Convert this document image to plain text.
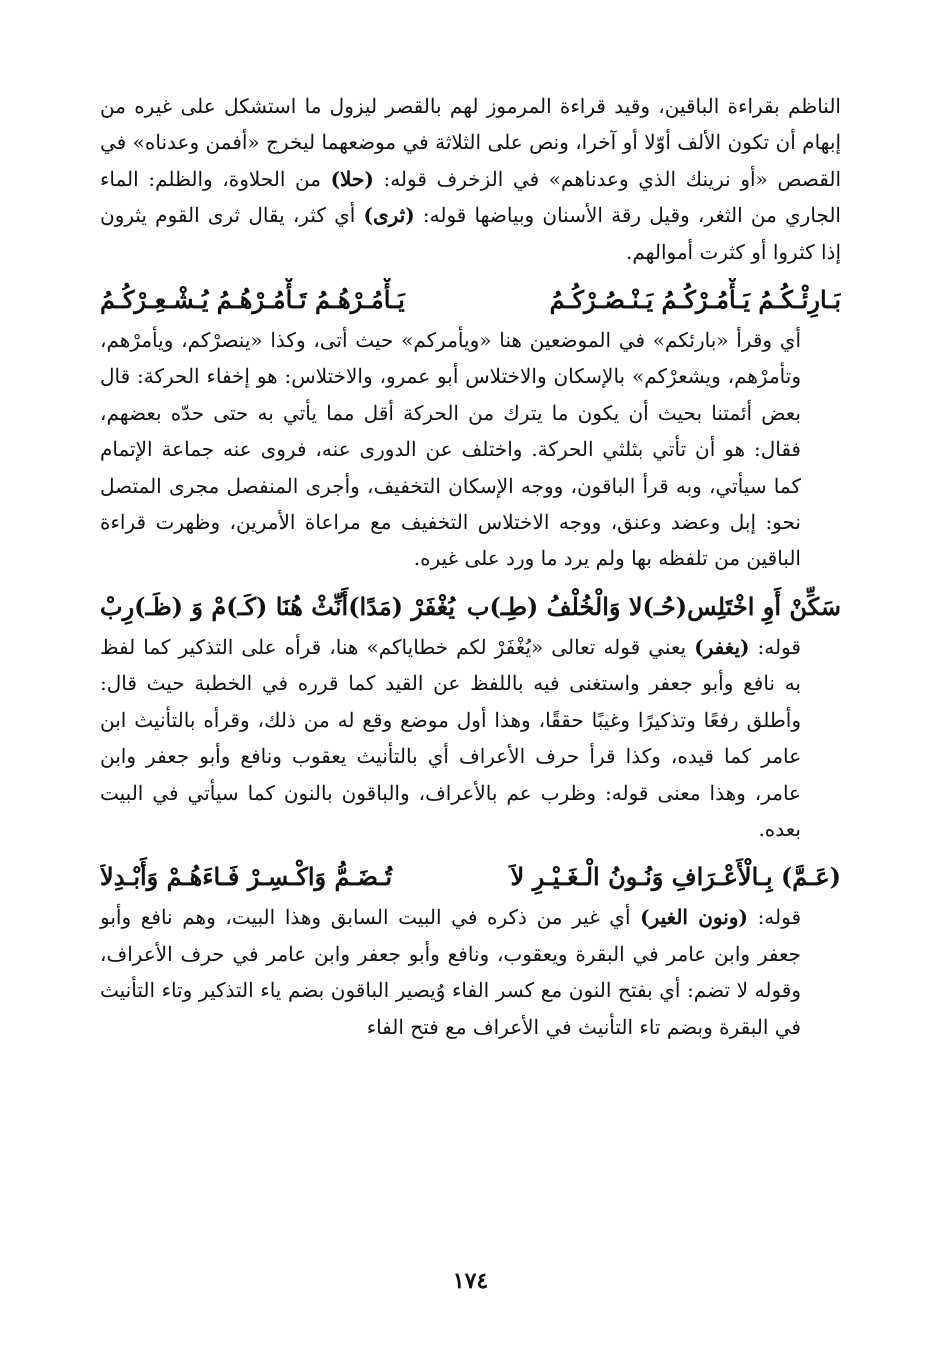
الناظم بقراءة الباقين، وقيد قراءة المرموز لهم بالقصر ليزول ما استشكل على غيره من إبهام أن تكون الألف أوّلا أو آخرا، ونص على الثلاثة في موضعهما ليخرج «أفمن وعدناه» في القصص «أو نرينك الذي وعدناهم» في الزخرف قوله: (حلا) من الحلاوة، والظلم: الماء الجاري من الثغر، وقيل رقة الأسنان وبياضها قوله: (ثرى) أي كثر، يقال ثرى القوم يثرون إذا كثروا أو كثرت أموالهم.

بَـارِئْـكُـمُ يَـأْمُـرْكُـمُ يَـنْـصُـرْكُـمُ
يَـأْمُـرْهُـمُ تَـأْمُـرْهُـمُ يُـشْـعِـرْكُـمُ

أي وقرأ «بارئكم» في الموضعين هنا «ويأمركم» حيث أتى، وكذا «ينصرْكم، ويأمرْهم، وتأمرْهم، ويشعرْكم» بالإسكان والاختلاس أبو عمرو، والاختلاس: هو إخفاء الحركة: قال بعض أئمتنا بحيث أن يكون ما يترك من الحركة أقل مما يأتي به حتى حدّه بعضهم، فقال: هو أن تأتي بثلثي الحركة. واختلف عن الدورى عنه، فروى عنه جماعة الإتمام كما سيأتي، وبه قرأ الباقون، ووجه الإسكان التخفيف، وأجرى المنفصل مجرى المتصل نحو: إبل وعضد وعنق، ووجه الاختلاس التخفيف مع مراعاة الأمرين، وظهرت قراءة الباقين من تلفظه بها ولم يرد ما ورد على غيره.

سَكِّنْ أَوِ اخْتَلِس(حُـ)لا وَالْخُلْفُ (طِـ)ب
يُغْفَرْ (مَدًا)أَنِّثْ هُنَا (كَـ)مْ وَ (ظَـ)رِبْ

قوله: (يغفر) يعني قوله تعالى «يُغْفَرْ لكم خطاياكم» هنا، قرأه على التذكير كما لفظ به نافع وأبو جعفر واستغنى فيه باللفظ عن القيد كما قرره في الخطبة حيث قال: وأطلق رفعًا وتذكيرًا وغيبًا حققًا، وهذا أول موضع وقع له من ذلك، وقرأه بالتأنيث ابن عامر كما قيده، وكذا قرأ حرف الأعراف أي بالتأنيث يعقوب ونافع وأبو جعفر وابن عامر، وهذا معنى قوله: وظرب عم بالأعراف، والباقون بالنون كما سيأتي في البيت بعده.

(عَـمَّ) بِـالْأَعْـرَافِ وَنُـونُ الْـغَـيْـرِ لاَ
تُـضَـمُّ وَاكْـسِـرْ فَـاءَهُـمْ وَأَبْـدِلاَ

قوله: (ونون الغير) أي غير من ذكره في البيت السابق وهذا البيت، وهم نافع وأبو جعفر وابن عامر في البقرة ويعقوب، ونافع وأبو جعفر وابن عامر في حرف الأعراف، وقوله لا تضم: أي بفتح النون مع كسر الفاء وُيصير الباقون بضم ياء التذكير وتاء التأنيث في البقرة وبضم تاء التأنيث في الأعراف مع فتح الفاء

١٧٤
